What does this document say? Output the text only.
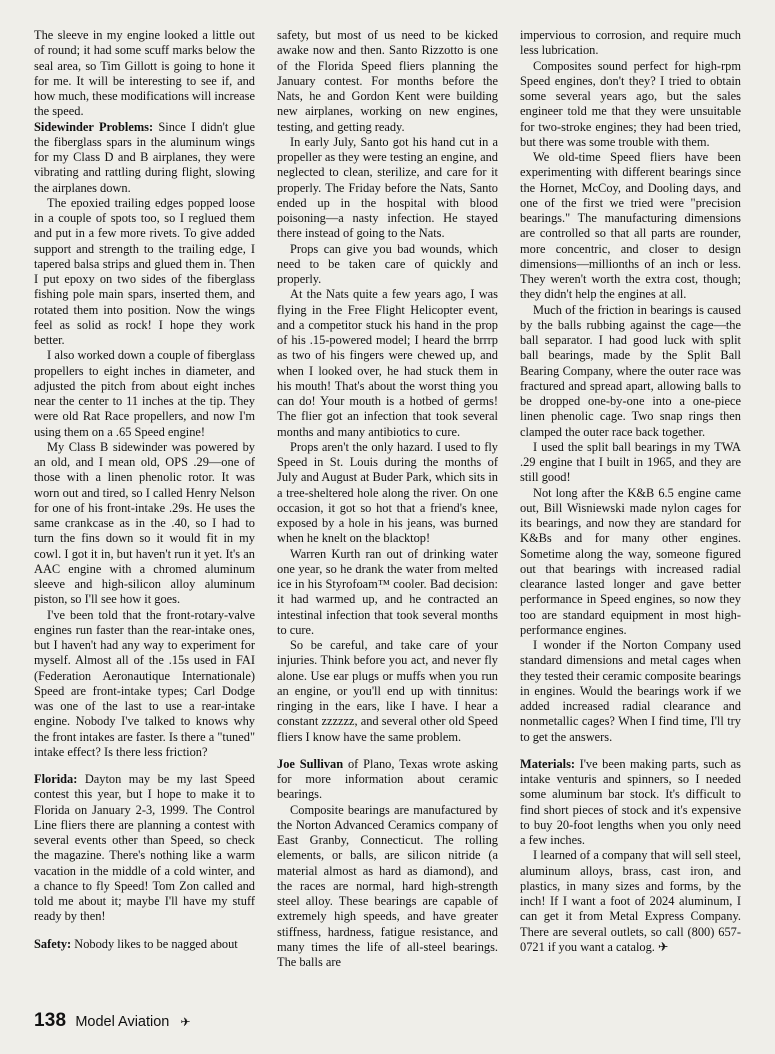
The sleeve in my engine looked a little out of round; it had some scuff marks below the seal area, so Tim Gillott is going to hone it for me. It will be interesting to see if, and how much, these modifications will increase the speed.

Sidewinder Problems: Since I didn't glue the fiberglass spars in the aluminum wings for my Class D and B airplanes, they were vibrating and rattling during flight, slowing the airplanes down.

The epoxied trailing edges popped loose in a couple of spots too, so I reglued them and put in a few more rivets. To give added support and strength to the trailing edge, I tapered balsa strips and glued them in. Then I put epoxy on two sides of the fiberglass fishing pole main spars, inserted them, and rotated them into position. Now the wings feel as solid as rock! I hope they work better.

I also worked down a couple of fiberglass propellers to eight inches in diameter, and adjusted the pitch from about eight inches near the center to 11 inches at the tip. They were old Rat Race propellers, and now I'm using them on a .65 Speed engine!

My Class B sidewinder was powered by an old, and I mean old, OPS .29—one of those with a linen phenolic rotor. It was worn out and tired, so I called Henry Nelson for one of his front-intake .29s. He uses the same crankcase as in the .40, so I had to turn the fins down so it would fit in my cowl. I got it in, but haven't run it yet. It's an AAC engine with a chromed aluminum sleeve and high-silicon alloy aluminum piston, so I'll see how it goes.

I've been told that the front-rotary-valve engines run faster than the rear-intake ones, but I haven't had any way to experiment for myself. Almost all of the .15s used in FAI (Federation Aeronautique Internationale) Speed are front-intake types; Carl Dodge was one of the last to use a rear-intake engine. Nobody I've talked to knows why the front intakes are faster. Is there a "tuned" intake effect? Is there less friction?

Florida: Dayton may be my last Speed contest this year, but I hope to make it to Florida on January 2-3, 1999. The Control Line fliers there are planning a contest with several events other than Speed, so check the magazine. There's nothing like a warm vacation in the middle of a cold winter, and a chance to fly Speed! Tom Zon called and told me about it; maybe I'll have my stuff ready by then!

Safety: Nobody likes to be nagged about

safety, but most of us need to be kicked awake now and then. Santo Rizzotto is one of the Florida Speed fliers planning the January contest. For months before the Nats, he and Gordon Kent were building new airplanes, working on new engines, testing, and getting ready.

In early July, Santo got his hand cut in a propeller as they were testing an engine, and neglected to clean, sterilize, and care for it properly. The Friday before the Nats, Santo ended up in the hospital with blood poisoning—a nasty infection. He stayed there instead of going to the Nats.

Props can give you bad wounds, which need to be taken care of quickly and properly.

At the Nats quite a few years ago, I was flying in the Free Flight Helicopter event, and a competitor stuck his hand in the prop of his .15-powered model; I heard the brrrp as two of his fingers were chewed up, and when I looked over, he had stuck them in his mouth! That's about the worst thing you can do! Your mouth is a hotbed of germs! The flier got an infection that took several months and many antibiotics to cure.

Props aren't the only hazard. I used to fly Speed in St. Louis during the months of July and August at Buder Park, which sits in a tree-sheltered hole along the river. On one occasion, it got so hot that a friend's knee, exposed by a hole in his jeans, was burned when he knelt on the blacktop!

Warren Kurth ran out of drinking water one year, so he drank the water from melted ice in his Styrofoam™ cooler. Bad decision: it had warmed up, and he contracted an intestinal infection that took several months to cure.

So be careful, and take care of your injuries. Think before you act, and never fly alone. Use ear plugs or muffs when you run an engine, or you'll end up with tinnitus: ringing in the ears, like I have. I hear a constant zzzzzz, and several other old Speed fliers I know have the same problem.

Joe Sullivan of Plano, Texas wrote asking for more information about ceramic bearings.

Composite bearings are manufactured by the Norton Advanced Ceramics company of East Granby, Connecticut. The rolling elements, or balls, are silicon nitride (a material almost as hard as diamond), and the races are normal, hard high-strength steel alloy. These bearings are capable of extremely high speeds, and have greater stiffness, hardness, fatigue resistance, and many times the life of all-steel bearings. The balls are

impervious to corrosion, and require much less lubrication.

Composites sound perfect for high-rpm Speed engines, don't they? I tried to obtain some several years ago, but the sales engineer told me that they were unsuitable for two-stroke engines; they had been tried, but there was some trouble with them.

We old-time Speed fliers have been experimenting with different bearings since the Hornet, McCoy, and Dooling days, and one of the first we tried were "precision bearings." The manufacturing dimensions are controlled so that all parts are rounder, more concentric, and closer to design dimensions—millionths of an inch or less. They weren't worth the extra cost, though; they didn't help the engines at all.

Much of the friction in bearings is caused by the balls rubbing against the cage—the ball separator. I had good luck with split ball bearings, made by the Split Ball Bearing Company, where the outer race was fractured and spread apart, allowing balls to be dropped one-by-one into a one-piece linen phenolic cage. Two snap rings then clamped the outer race back together.

I used the split ball bearings in my TWA .29 engine that I built in 1965, and they are still good!

Not long after the K&B 6.5 engine came out, Bill Wisniewski made nylon cages for its bearings, and now they are standard for K&Bs and for many other engines. Sometime along the way, someone figured out that bearings with increased radial clearance lasted longer and gave better performance in Speed engines, so now they too are standard equipment in most high-performance engines.

I wonder if the Norton Company used standard dimensions and metal cages when they tested their ceramic composite bearings in engines. Would the bearings work if we added increased radial clearance and nonmetallic cages? When I find time, I'll try to get the answers.

Materials: I've been making parts, such as intake venturis and spinners, so I needed some aluminum bar stock. It's difficult to find short pieces of stock and it's expensive to buy 20-foot lengths when you only need a few inches.

I learned of a company that will sell steel, aluminum alloys, brass, cast iron, and plastics, in many sizes and forms, by the inch! If I want a foot of 2024 aluminum, I can get it from Metal Express Company. There are several outlets, so call (800) 657-0721 if you want a catalog. ✈

138 Model Aviation ✈
